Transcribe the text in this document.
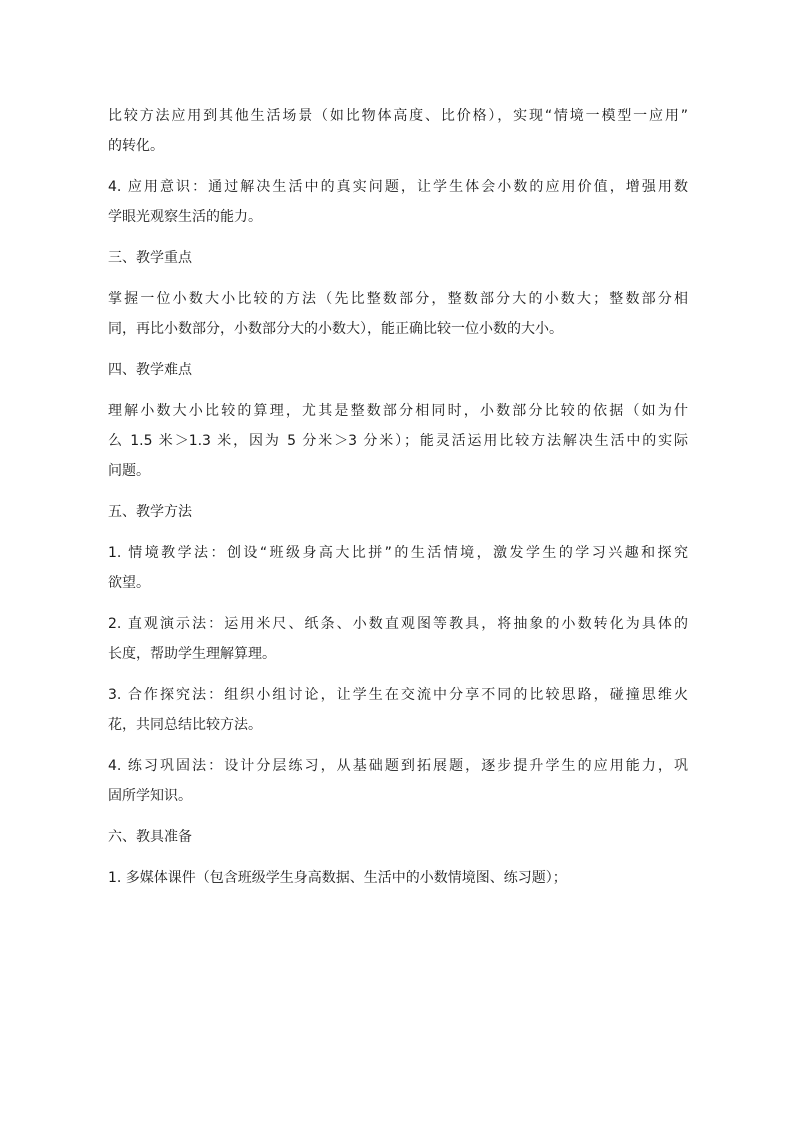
比较方法应用到其他生活场景（如比物体高度、比价格），实现“情境一模型一应用”
的转化。
4. 应用意识：通过解决生活中的真实问题，让学生体会小数的应用价值，增强用数
学眼光观察生活的能力。
三、教学重点
掌握一位小数大小比较的方法（先比整数部分，整数部分大的小数大；整数部分相
同，再比小数部分，小数部分大的小数大），能正确比较一位小数的大小。
四、教学难点
理解小数大小比较的算理，尤其是整数部分相同时，小数部分比较的依据（如为什
么 1.5 米＞1.3 米，因为 5 分米＞3 分米）；能灵活运用比较方法解决生活中的实际
问题。
五、教学方法
1. 情境教学法：创设“班级身高大比拼”的生活情境，激发学生的学习兴趣和探究
欲望。
2. 直观演示法：运用米尺、纸条、小数直观图等教具，将抽象的小数转化为具体的
长度，帮助学生理解算理。
3. 合作探究法：组织小组讨论，让学生在交流中分享不同的比较思路，碰撞思维火
花，共同总结比较方法。
4. 练习巩固法：设计分层练习，从基础题到拓展题，逐步提升学生的应用能力，巩
固所学知识。
六、教具准备
1. 多媒体课件（包含班级学生身高数据、生活中的小数情境图、练习题）；
